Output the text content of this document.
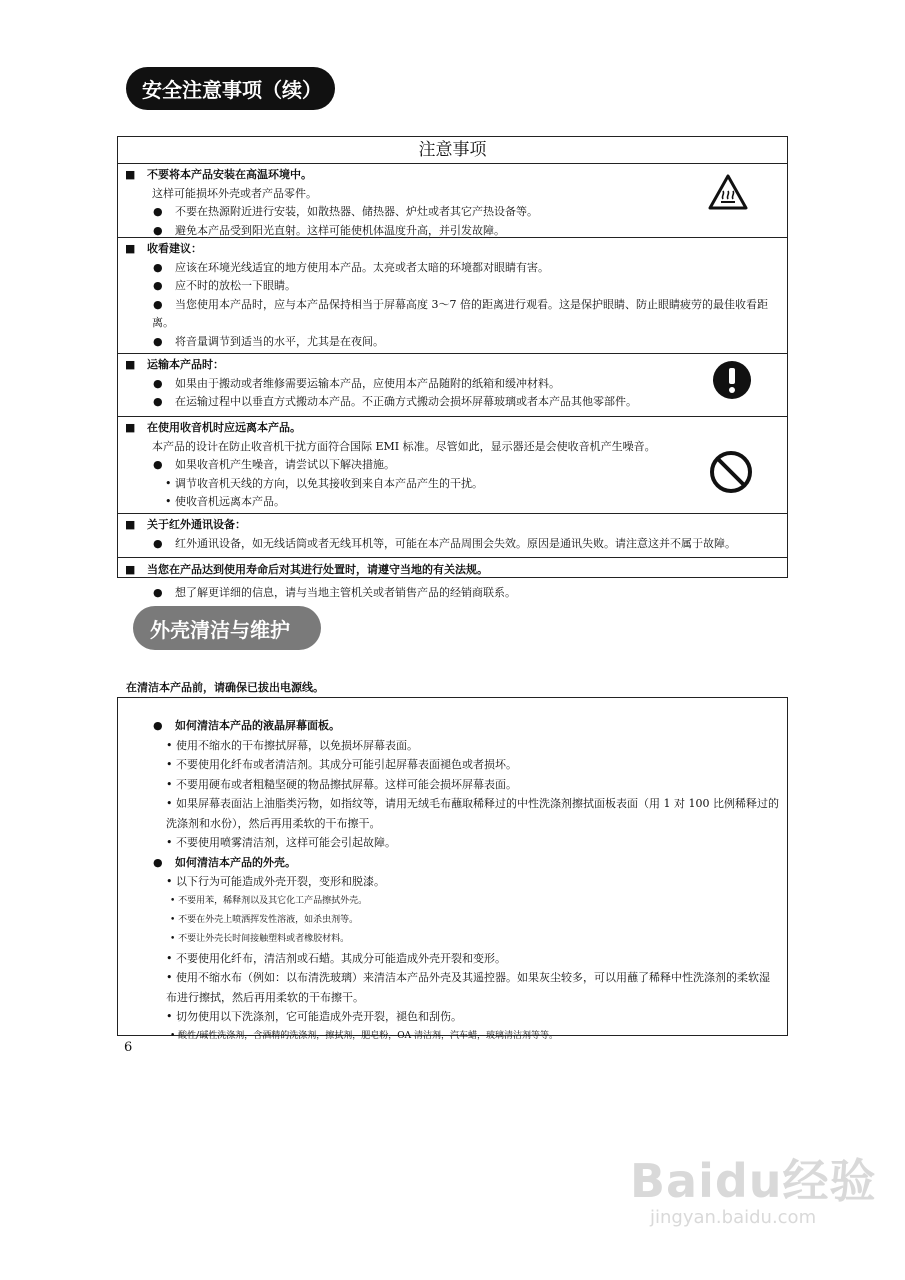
安全注意事项（续）
注意事项
■ 不要将本产品安装在高温环境中。
这样可能损坏外壳或者产品零件。
●	不要在热源附近进行安装，如散热器、储热器、炉灶或者其它产热设备等。
●	避免本产品受到阳光直射。这样可能使机体温度升高，并引发故障。
■ 收看建议：
●	应该在环境光线适宜的地方使用本产品。太亮或者太暗的环境都对眼睛有害。
●	应不时的放松一下眼睛。
●	当您使用本产品时，应与本产品保持相当于屏幕高度 3～7 倍的距离进行观看。这是保护眼睛、防止眼睛疲劳的最佳收看距离。
●	将音量调节到适当的水平，尤其是在夜间。
■ 运输本产品时：
●	如果由于搬动或者维修需要运输本产品，应使用本产品随附的纸箱和缓冲材料。
●	在运输过程中以垂直方式搬动本产品。不正确方式搬动会损坏屏幕玻璃或者本产品其他零部件。
■ 在使用收音机时应远离本产品。
本产品的设计在防止收音机干扰方面符合国际 EMI 标准。尽管如此，显示器还是会使收音机产生噪音。
●	如果收音机产生噪音，请尝试以下解决措施。
• 调节收音机天线的方向，以免其接收到来自本产品产生的干扰。
• 使收音机远离本产品。
■ 关于红外通讯设备：
●	红外通讯设备，如无线话筒或者无线耳机等，可能在本产品周围会失效。原因是通讯失败。请注意这并不属于故障。
■ 当您在产品达到使用寿命后对其进行处置时，请遵守当地的有关法规。
●	想了解更详细的信息，请与当地主管机关或者销售产品的经销商联系。
外壳清洁与维护
在清洁本产品前，请确保已拔出电源线。
● 如何清洁本产品的液晶屏幕面板。
• 使用不缩水的干布擦拭屏幕，以免损坏屏幕表面。
• 不要使用化纤布或者清洁剂。其成分可能引起屏幕表面褪色或者损坏。
• 不要用硬布或者粗糙坚硬的物品擦拭屏幕。这样可能会损坏屏幕表面。
• 如果屏幕表面沾上油脂类污物，如指纹等，请用无绒毛布蘸取稀释过的中性洗涤剂擦拭面板表面（用 1 对 100 比例稀释过的洗涤剂和水份），然后再用柔软的干布擦干。
• 不要使用喷雾清洁剂，这样可能会引起故障。
● 如何清洁本产品的外壳。
• 以下行为可能造成外壳开裂，变形和脱漆。
• 不要用苯，稀释剂以及其它化工产品擦拭外壳。
• 不要在外壳上喷洒挥发性溶液，如杀虫剂等。
• 不要让外壳长时间接触塑料或者橡胶材料。
• 不要使用化纤布，清洁剂或石蜡。其成分可能造成外壳开裂和变形。
• 使用不缩水布（例如：以布清洗玻璃）来清洁本产品外壳及其遥控器。如果灰尘较多，可以用蘸了稀释中性洗涤剂的柔软湿布进行擦拭，然后再用柔软的干布擦干。
• 切勿使用以下洗涤剂，它可能造成外壳开裂，褪色和刮伤。
• 酸性/碱性洗涤剂，含酒精的洗涤剂，擦拭剂，肥皂粉，OA 清洁剂，汽车蜡，玻璃清洁剂等等。
6
Baidu经验
jingyan.baidu.com
